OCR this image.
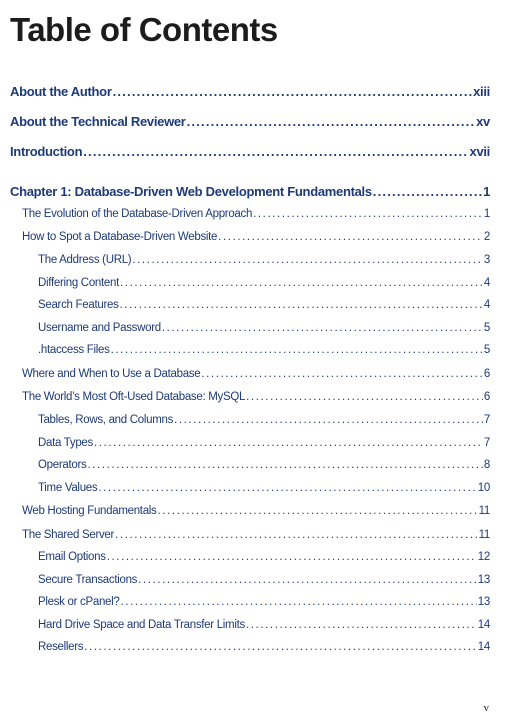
Table of Contents
About the Author .....	xiii
About the Technical Reviewer .....	xv
Introduction .....	xvii
Chapter 1: Database-Driven Web Development Fundamentals .....	1
The Evolution of the Database-Driven Approach .....	1
How to Spot a Database-Driven Website .....	2
The Address (URL) .....	3
Differing Content .....	4
Search Features .....	4
Username and Password .....	5
.htaccess Files .....	5
Where and When to Use a Database .....	6
The World’s Most Oft-Used Database: MySQL .....	6
Tables, Rows, and Columns .....	7
Data Types .....	7
Operators .....	8
Time Values .....	10
Web Hosting Fundamentals .....	11
The Shared Server .....	11
Email Options .....	12
Secure Transactions .....	13
Plesk or cPanel? .....	13
Hard Drive Space and Data Transfer Limits .....	14
Resellers .....	14
v
